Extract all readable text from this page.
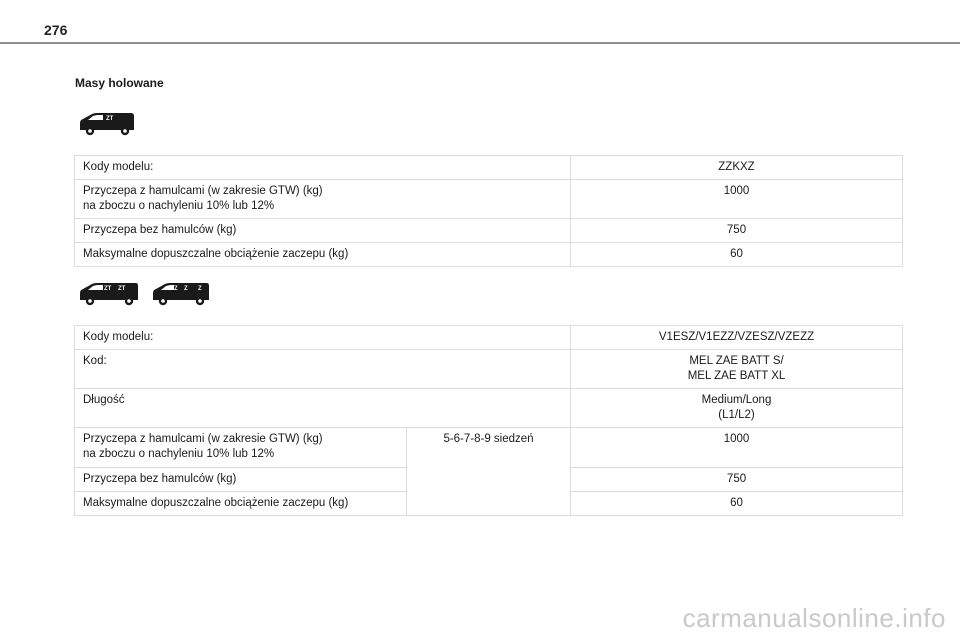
276
Masy holowane
ZT
Kody modelu:	ZZKXZ

Przyczepa z hamulcami (w zakresie GTW) (kg)
na zboczu o nachyleniu 10% lub 12%	1000

Przyczepa bez hamulców (kg)	750

Maksymalne dopuszczalne obciążenie zaczepu (kg)	60
ZT ZT	Z Z Z
Kody modelu:		V1ESZ/V1EZZ/VZESZ/VZEZZ

Kod:		MEL ZAE BATT S/
MEL ZAE BATT XL

Długość		Medium/Long
(L1/L2)

Przyczepa z hamulcami (w zakresie GTW) (kg)
na zboczu o nachyleniu 10% lub 12%	5-6-7-8-9 siedzeń	1000

Przyczepa bez hamulców (kg)		750

Maksymalne dopuszczalne obciążenie zaczepu (kg)		60
carmanualsonline.info
